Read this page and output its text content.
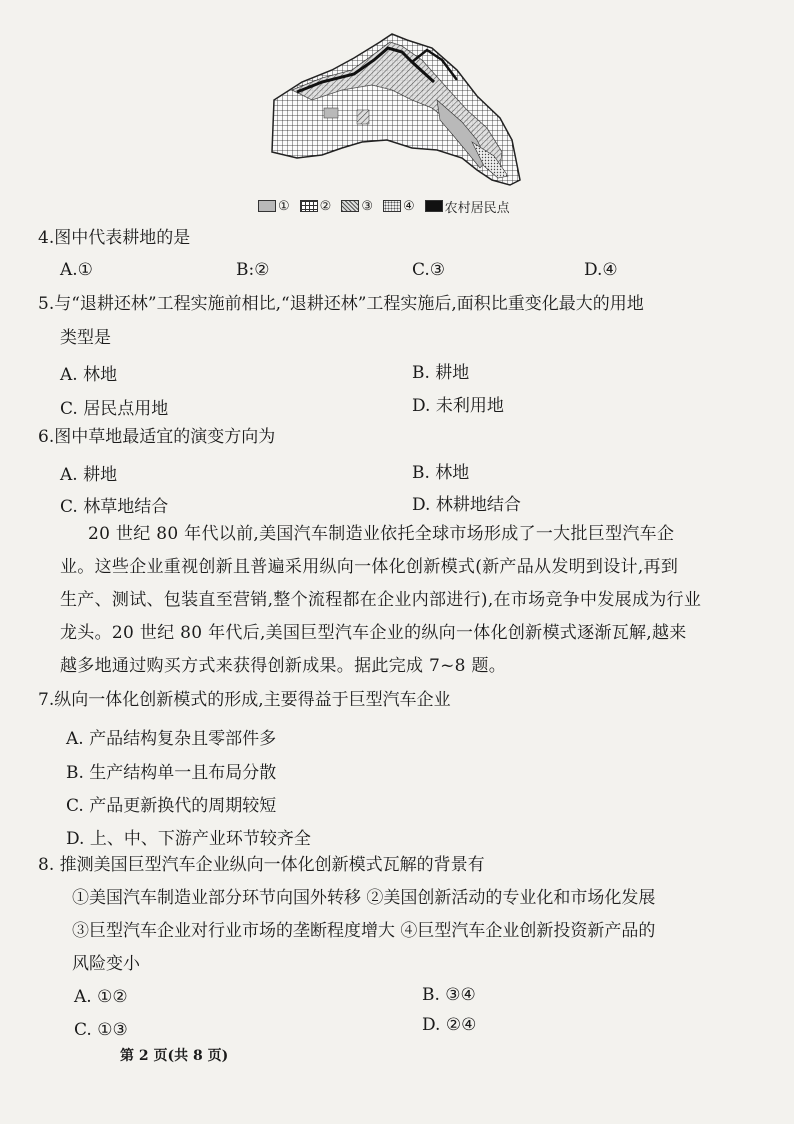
① ② ③ ④ 农村居民点
4.图中代表耕地的是
A.①	B:②	C.③	D.④
5.与“退耕还林”工程实施前相比,“退耕还林”工程实施后,面积比重变化最大的用地
类型是
A. 林地	B. 耕地
C. 居民点用地	D. 未利用地
6.图中草地最适宜的演变方向为
A. 耕地	B. 林地
C. 林草地结合	D. 林耕地结合
20 世纪 80 年代以前,美国汽车制造业依托全球市场形成了一大批巨型汽车企
业。这些企业重视创新且普遍采用纵向一体化创新模式(新产品从发明到设计,再到
生产、测试、包装直至营销,整个流程都在企业内部进行),在市场竞争中发展成为行业
龙头。20 世纪 80 年代后,美国巨型汽车企业的纵向一体化创新模式逐渐瓦解,越来
越多地通过购买方式来获得创新成果。据此完成 7~8 题。
7.纵向一体化创新模式的形成,主要得益于巨型汽车企业
A. 产品结构复杂且零部件多
B. 生产结构单一且布局分散
C. 产品更新换代的周期较短
D. 上、中、下游产业环节较齐全
8. 推测美国巨型汽车企业纵向一体化创新模式瓦解的背景有
①美国汽车制造业部分环节向国外转移 ②美国创新活动的专业化和市场化发展
③巨型汽车企业对行业市场的垄断程度增大 ④巨型汽车企业创新投资新产品的
风险变小
A. ①②	B. ③④
C. ①③	D. ②④
第 2 页(共 8 页)
